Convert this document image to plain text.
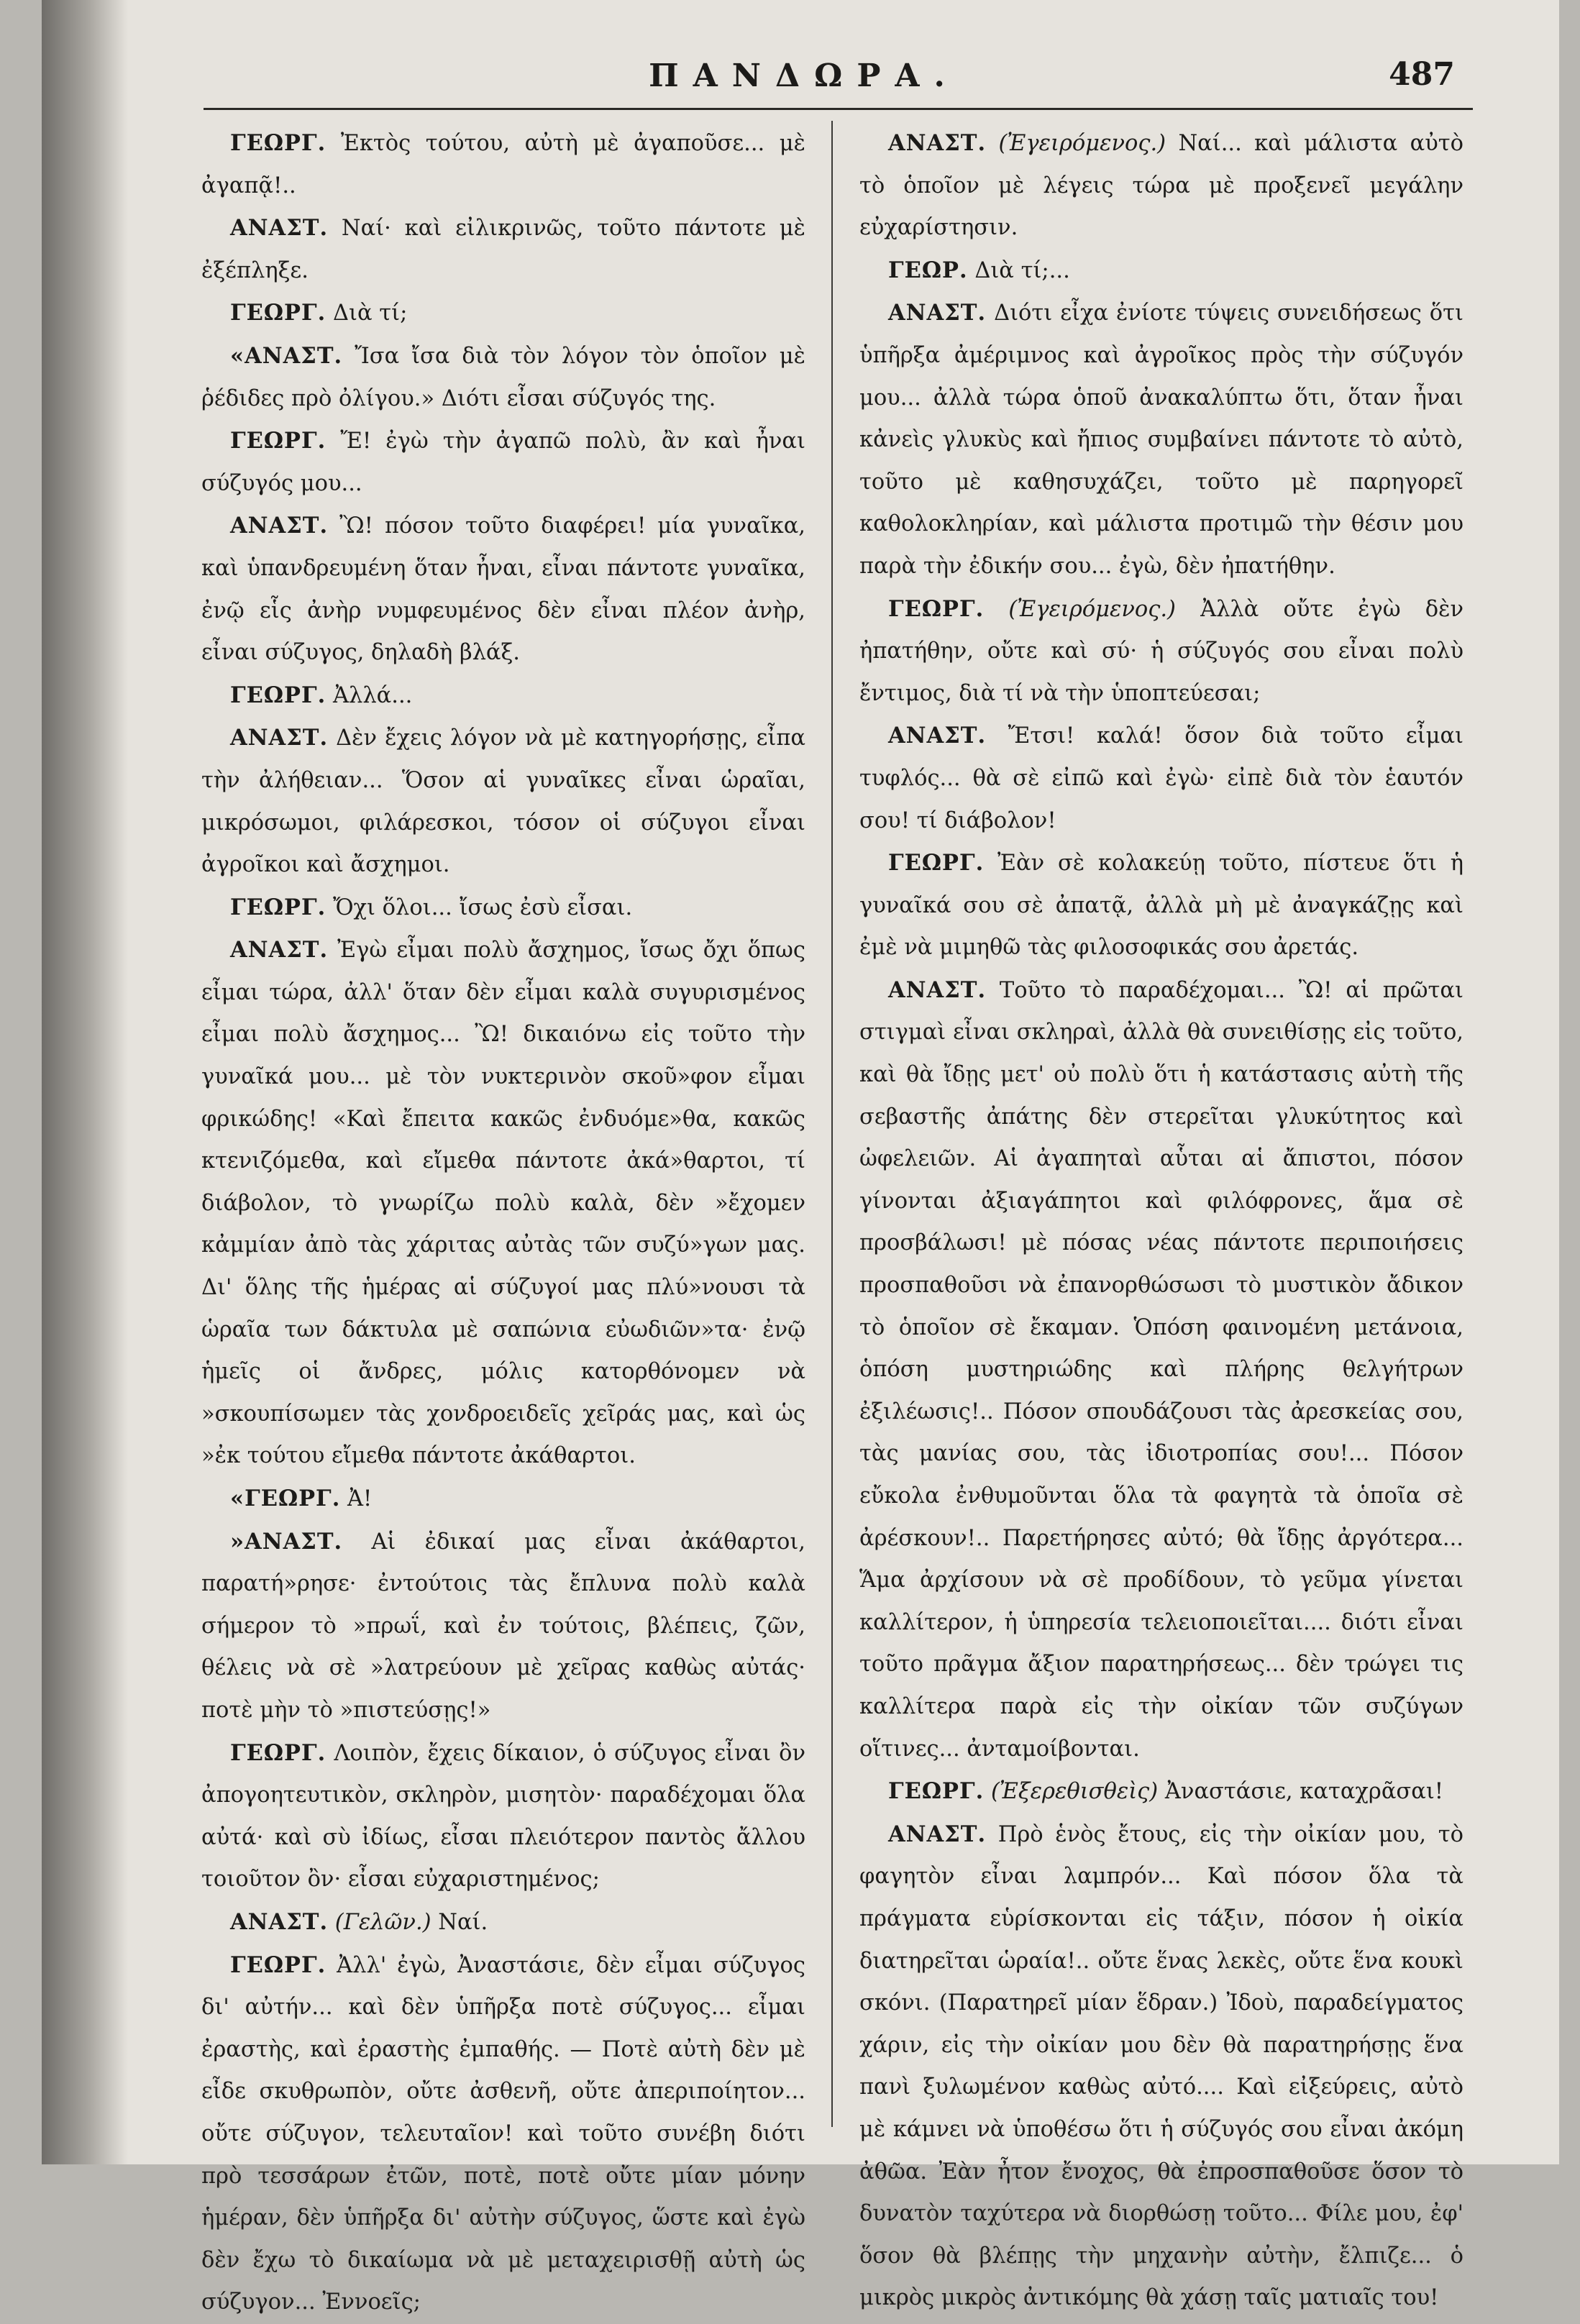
ΠΑΝΔΩΡΑ.	487

ΓΕΩΡΓ. Ἐκτὸς τούτου, αὐτὴ μὲ ἀγαποῦσε... μὲ ἀγαπᾷ!..

ΑΝΑΣΤ. Ναί· καὶ εἰλικρινῶς, τοῦτο πάντοτε μὲ ἐξέπληξε.

ΓΕΩΡΓ. Διὰ τί;

«ΑΝΑΣΤ. Ἴσα ἴσα διὰ τὸν λόγον τὸν ὁποῖον μὲ ῥέδιδες πρὸ ὀλίγου.» Διότι εἶσαι σύζυγός της.

ΓΕΩΡΓ. Ἔ! ἐγὼ τὴν ἀγαπῶ πολὺ, ἂν καὶ ἦναι σύζυγός μου...

ΑΝΑΣΤ. Ὢ! πόσον τοῦτο διαφέρει! μία γυναῖκα, καὶ ὑπανδρευμένη ὅταν ἦναι, εἶναι πάντοτε γυναῖκα, ἐνῷ εἷς ἀνὴρ νυμφευμένος δὲν εἶναι πλέον ἀνὴρ, εἶναι σύζυγος, δηλαδὴ βλάξ.

ΓΕΩΡΓ. Ἀλλά...

ΑΝΑΣΤ. Δὲν ἔχεις λόγον νὰ μὲ κατηγορήσῃς, εἶπα τὴν ἀλήθειαν... Ὅσον αἱ γυναῖκες εἶναι ὡραῖαι, μικρόσωμοι, φιλάρεσκοι, τόσον οἱ σύζυγοι εἶναι ἀγροῖκοι καὶ ἄσχημοι.

ΓΕΩΡΓ. Ὄχι ὅλοι... ἴσως ἐσὺ εἶσαι.

ΑΝΑΣΤ. Ἐγὼ εἶμαι πολὺ ἄσχημος, ἴσως ὄχι ὅπως εἶμαι τώρα, ἀλλ' ὅταν δὲν εἶμαι καλὰ συγυρισμένος εἶμαι πολὺ ἄσχημος... Ὢ! δικαιόνω εἰς τοῦτο τὴν γυναῖκά μου... μὲ τὸν νυκτερινὸν σκοῦ»φον εἶμαι φρικώδης! «Καὶ ἔπειτα κακῶς ἐνδυόμε»θα, κακῶς κτενιζόμεθα, καὶ εἴμεθα πάντοτε ἀκά»θαρτοι, τί διάβολον, τὸ γνωρίζω πολὺ καλὰ, δὲν »ἔχομεν κἀμμίαν ἀπὸ τὰς χάριτας αὐτὰς τῶν συζύ»γων μας. Δι' ὅλης τῆς ἡμέρας αἱ σύζυγοί μας πλύ»νουσι τὰ ὡραῖα των δάκτυλα μὲ σαπώνια εὐωδιῶν»τα· ἐνῷ ἡμεῖς οἱ ἄνδρες, μόλις κατορθόνομεν νὰ »σκουπίσωμεν τὰς χονδροειδεῖς χεῖράς μας, καὶ ὡς »ἐκ τούτου εἴμεθα πάντοτε ἀκάθαρτοι.

«ΓΕΩΡΓ. Ἀ!

»ΑΝΑΣΤ. Αἱ ἐδικαί μας εἶναι ἀκάθαρτοι, παρατή»ρησε· ἐντούτοις τὰς ἔπλυνα πολὺ καλὰ σήμερον τὸ »πρωΐ, καὶ ἐν τούτοις, βλέπεις, ζῶν, θέλεις νὰ σὲ »λατρεύουν μὲ χεῖρας καθὼς αὐτάς· ποτὲ μὴν τὸ »πιστεύσῃς!»

ΓΕΩΡΓ. Λοιπὸν, ἔχεις δίκαιον, ὁ σύζυγος εἶναι ὂν ἀπογοητευτικὸν, σκληρὸν, μισητὸν· παραδέχομαι ὅλα αὐτά· καὶ σὺ ἰδίως, εἶσαι πλειότερον παντὸς ἄλλου τοιοῦτον ὂν· εἶσαι εὐχαριστημένος;

ΑΝΑΣΤ. (Γελῶν.) Ναί.

ΓΕΩΡΓ. Ἀλλ' ἐγὼ, Ἀναστάσιε, δὲν εἶμαι σύζυγος δι' αὐτήν... καὶ δὲν ὑπῆρξα ποτὲ σύζυγος... εἶμαι ἐραστὴς, καὶ ἐραστὴς ἐμπαθής. — Ποτὲ αὐτὴ δὲν μὲ εἶδε σκυθρωπὸν, οὔτε ἀσθενῆ, οὔτε ἀπεριποίητον... οὔτε σύζυγον, τελευταῖον! καὶ τοῦτο συνέβη διότι πρὸ τεσσάρων ἐτῶν, ποτὲ, ποτὲ οὔτε μίαν μόνην ἡμέραν, δὲν ὑπῆρξα δι' αὐτὴν σύζυγος, ὥστε καὶ ἐγὼ δὲν ἔχω τὸ δικαίωμα νὰ μὲ μεταχειρισθῇ αὐτὴ ὡς σύζυγον... Ἐννοεῖς;

ΑΝΑΣΤ. (Ἐγειρόμενος.) Ναί... καὶ μάλιστα αὐτὸ τὸ ὁποῖον μὲ λέγεις τώρα μὲ προξενεῖ μεγάλην εὐχαρίστησιν.

ΓΕΩΡ. Διὰ τί;...

ΑΝΑΣΤ. Διότι εἶχα ἐνίοτε τύψεις συνειδήσεως ὅτι ὑπῆρξα ἀμέριμνος καὶ ἀγροῖκος πρὸς τὴν σύζυγόν μου... ἀλλὰ τώρα ὁποῦ ἀνακαλύπτω ὅτι, ὅταν ἦναι κἀνεὶς γλυκὺς καὶ ἤπιος συμβαίνει πάντοτε τὸ αὐτὸ, τοῦτο μὲ καθησυχάζει, τοῦτο μὲ παρηγορεῖ καθολοκληρίαν, καὶ μάλιστα προτιμῶ τὴν θέσιν μου παρὰ τὴν ἐδικήν σου... ἐγὼ, δὲν ἠπατήθην.

ΓΕΩΡΓ. (Ἐγειρόμενος.) Ἀλλὰ οὔτε ἐγὼ δὲν ἠπατήθην, οὔτε καὶ σύ· ἡ σύζυγός σου εἶναι πολὺ ἔντιμος, διὰ τί νὰ τὴν ὑποπτεύεσαι;

ΑΝΑΣΤ. Ἔτσι! καλά! ὅσον διὰ τοῦτο εἶμαι τυφλός... θὰ σὲ εἰπῶ καὶ ἐγὼ· εἰπὲ διὰ τὸν ἑαυτόν σου! τί διάβολον!

ΓΕΩΡΓ. Ἐὰν σὲ κολακεύῃ τοῦτο, πίστευε ὅτι ἡ γυναῖκά σου σὲ ἀπατᾷ, ἀλλὰ μὴ μὲ ἀναγκάζῃς καὶ ἐμὲ νὰ μιμηθῶ τὰς φιλοσοφικάς σου ἀρετάς.

ΑΝΑΣΤ. Τοῦτο τὸ παραδέχομαι... Ὢ! αἱ πρῶται στιγμαὶ εἶναι σκληραὶ, ἀλλὰ θὰ συνειθίσῃς εἰς τοῦτο, καὶ θὰ ἴδῃς μετ' οὐ πολὺ ὅτι ἡ κατάστασις αὐτὴ τῆς σεβαστῆς ἀπάτης δὲν στερεῖται γλυκύτητος καὶ ὠφελειῶν. Αἱ ἀγαπηταὶ αὗται αἱ ἄπιστοι, πόσον γίνονται ἀξιαγάπητοι καὶ φιλόφρονες, ἅμα σὲ προσβάλωσι! μὲ πόσας νέας πάντοτε περιποιήσεις προσπαθοῦσι νὰ ἐπανορθώσωσι τὸ μυστικὸν ἄδικον τὸ ὁποῖον σὲ ἔκαμαν. Ὁπόση φαινομένη μετάνοια, ὁπόση μυστηριώδης καὶ πλήρης θελγήτρων ἐξιλέωσις!.. Πόσον σπουδάζουσι τὰς ἀρεσκείας σου, τὰς μανίας σου, τὰς ἰδιοτροπίας σου!... Πόσον εὔκολα ἐνθυμοῦνται ὅλα τὰ φαγητὰ τὰ ὁποῖα σὲ ἀρέσκουν!.. Παρετήρησες αὐτό; θὰ ἴδῃς ἀργότερα... Ἅμα ἀρχίσουν νὰ σὲ προδίδουν, τὸ γεῦμα γίνεται καλλίτερον, ἡ ὑπηρεσία τελειοποιεῖται.... διότι εἶναι τοῦτο πρᾶγμα ἄξιον παρατηρήσεως... δὲν τρώγει τις καλλίτερα παρὰ εἰς τὴν οἰκίαν τῶν συζύγων οἵτινες... ἀνταμοίβονται.

ΓΕΩΡΓ. (Ἐξερεθισθεὶς) Ἀναστάσιε, καταχρᾶσαι!

ΑΝΑΣΤ. Πρὸ ἑνὸς ἔτους, εἰς τὴν οἰκίαν μου, τὸ φαγητὸν εἶναι λαμπρόν... Καὶ πόσον ὅλα τὰ πράγματα εὑρίσκονται εἰς τάξιν, πόσον ἡ οἰκία διατηρεῖται ὡραία!.. οὔτε ἕνας λεκὲς, οὔτε ἕνα κουκὶ σκόνι. (Παρατηρεῖ μίαν ἕδραν.) Ἰδοὺ, παραδείγματος χάριν, εἰς τὴν οἰκίαν μου δὲν θὰ παρατηρήσῃς ἕνα πανὶ ξυλωμένον καθὼς αὐτό.... Καὶ εἰξεύρεις, αὐτὸ μὲ κάμνει νὰ ὑποθέσω ὅτι ἡ σύζυγός σου εἶναι ἀκόμη ἀθῶα. Ἐὰν ἦτον ἔνοχος, θὰ ἐπροσπαθοῦσε ὅσον τὸ δυνατὸν ταχύτερα νὰ διορθώσῃ τοῦτο... Φίλε μου, ἐφ' ὅσον θὰ βλέπῃς τὴν μηχανὴν αὐτὴν, ἔλπιζε... ὁ μικρὸς μικρὸς ἀντικόμης θὰ χάσῃ ταῖς ματιαῖς του!
